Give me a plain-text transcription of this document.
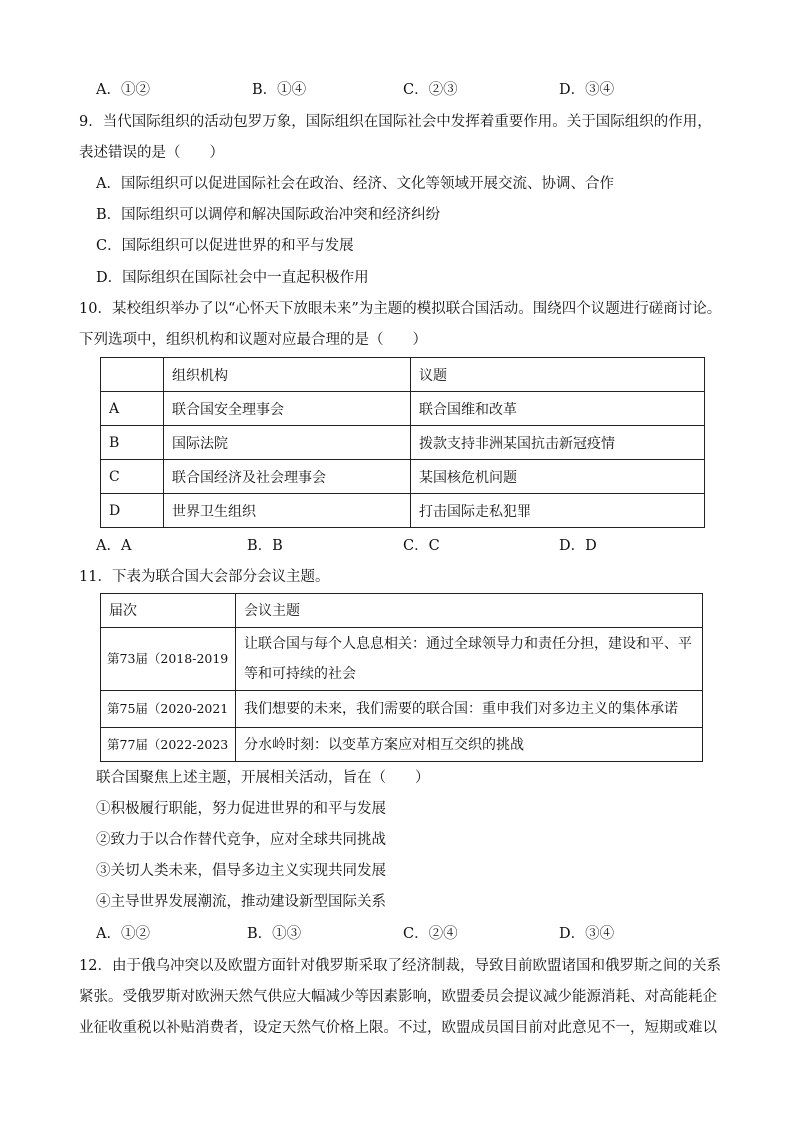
A．①②	B．①④	C．②③	D．③④
9．当代国际组织的活动包罗万象，国际组织在国际社会中发挥着重要作用。关于国际组织的作用，
表述错误的是（　　）
A．国际组织可以促进国际社会在政治、经济、文化等领域开展交流、协调、合作
B．国际组织可以调停和解决国际政治冲突和经济纠纷
C．国际组织可以促进世界的和平与发展
D．国际组织在国际社会中一直起积极作用
10．某校组织举办了以“心怀天下放眼未来”为主题的模拟联合国活动。围绕四个议题进行磋商讨论。
下列选项中，组织机构和议题对应最合理的是（　　）
	组织机构	议题
A	联合国安全理事会	联合国维和改革
B	国际法院	拨款支持非洲某国抗击新冠疫情
C	联合国经济及社会理事会	某国核危机问题
D	世界卫生组织	打击国际走私犯罪
A．A	B．B	C．C	D．D
11．下表为联合国大会部分会议主题。
届次	会议主题
第73届（2018-2019	让联合国与每个人息息相关：通过全球领导力和责任分担，建设和平、平等和可持续的社会
第75届（2020-2021	我们想要的未来，我们需要的联合国：重申我们对多边主义的集体承诺
第77届（2022-2023	分水岭时刻：以变革方案应对相互交织的挑战
联合国聚焦上述主题，开展相关活动，旨在（　　）
①积极履行职能，努力促进世界的和平与发展
②致力于以合作替代竞争，应对全球共同挑战
③关切人类未来，倡导多边主义实现共同发展
④主导世界发展潮流，推动建设新型国际关系
A．①②	B．①③	C．②④	D．③④
12．由于俄乌冲突以及欧盟方面针对俄罗斯采取了经济制裁，导致目前欧盟诸国和俄罗斯之间的关系
紧张。受俄罗斯对欧洲天然气供应大幅减少等因素影响，欧盟委员会提议减少能源消耗、对高能耗企
业征收重税以补贴消费者，设定天然气价格上限。不过，欧盟成员国目前对此意见不一，短期或难以
